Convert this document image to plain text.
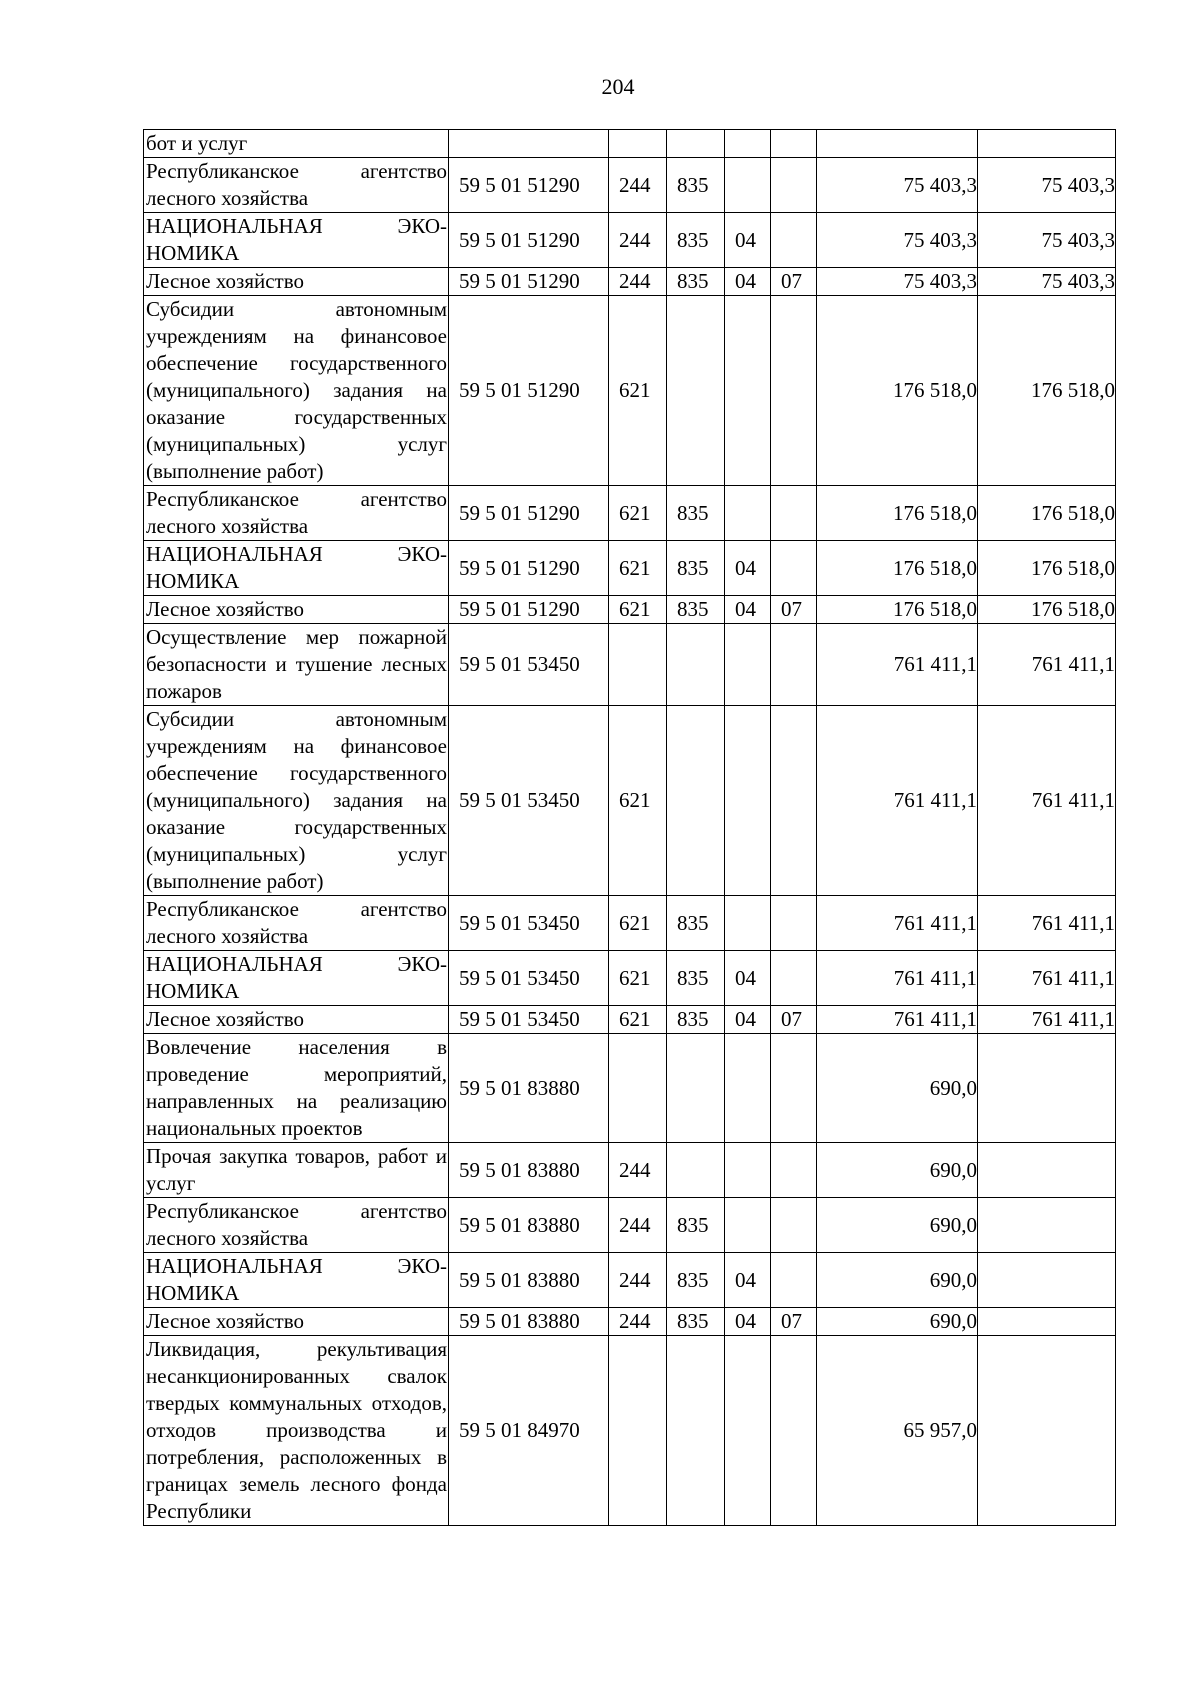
204
бот и услуг							
Республиканское агентство лесного хозяйства	59 5 01 51290	244	835			75 403,3	75 403,3
НАЦИОНАЛЬНАЯ ЭКОНОМИКА	59 5 01 51290	244	835	04		75 403,3	75 403,3
Лесное хозяйство	59 5 01 51290	244	835	04	07	75 403,3	75 403,3
Субсидии автономным учреждениям на финансовое обеспечение государственного (муниципального) задания на оказание государственных (муниципальных) услуг (выполнение работ)	59 5 01 51290	621				176 518,0	176 518,0
Республиканское агентство лесного хозяйства	59 5 01 51290	621	835			176 518,0	176 518,0
НАЦИОНАЛЬНАЯ ЭКОНОМИКА	59 5 01 51290	621	835	04		176 518,0	176 518,0
Лесное хозяйство	59 5 01 51290	621	835	04	07	176 518,0	176 518,0
Осуществление мер пожарной безопасности и тушение лесных пожаров	59 5 01 53450					761 411,1	761 411,1
Субсидии автономным учреждениям на финансовое обеспечение государственного (муниципального) задания на оказание государственных (муниципальных) услуг (выполнение работ)	59 5 01 53450	621				761 411,1	761 411,1
Республиканское агентство лесного хозяйства	59 5 01 53450	621	835			761 411,1	761 411,1
НАЦИОНАЛЬНАЯ ЭКОНОМИКА	59 5 01 53450	621	835	04		761 411,1	761 411,1
Лесное хозяйство	59 5 01 53450	621	835	04	07	761 411,1	761 411,1
Вовлечение населения в проведение мероприятий, направленных на реализацию национальных проектов	59 5 01 83880					690,0	
Прочая закупка товаров, работ и услуг	59 5 01 83880	244				690,0	
Республиканское агентство лесного хозяйства	59 5 01 83880	244	835			690,0	
НАЦИОНАЛЬНАЯ ЭКОНОМИКА	59 5 01 83880	244	835	04		690,0	
Лесное хозяйство	59 5 01 83880	244	835	04	07	690,0	
Ликвидация, рекультивация несанкционированных свалок твердых коммунальных отходов, отходов производства и потребления, расположенных в границах земель лесного фонда Республики	59 5 01 84970					65 957,0	
